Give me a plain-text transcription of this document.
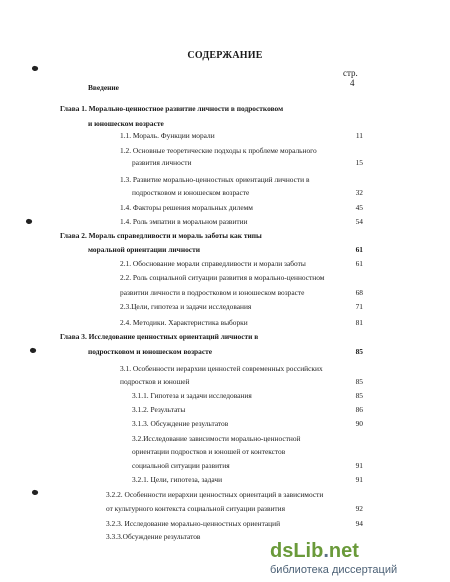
СОДЕРЖАНИЕ
стр.
4
Введение
Глава 1. Морально-ценностное развитие личности в подростковом
и юношеском возрасте
1.1. Мораль. Функции морали	11
1.2. Основные теоретические подходы к проблеме морального
развития личности	15
1.3. Развитие морально-ценностных ориентаций личности в
подростковом и юношеском возрасте	32
1.4. Факторы решения моральных дилемм	45
1.4. Роль эмпатии в моральном развитии	54
Глава 2. Мораль справедливости и мораль заботы как типы
моральной ориентации личности	61
2.1. Обоснование морали справедливости и морали заботы	61
2.2. Роль социальной ситуации развития в морально-ценностном
развитии личности в подростковом и юношеском возрасте	68
2.3.Цели, гипотеза и задачи исследования	71
2.4. Методики. Характеристика выборки	81
Глава 3. Исследование ценностных ориентаций личности в
подростковом и юношеском возрасте	85
3.1. Особенности иерархии ценностей современных российских
подростков и юношей	85
3.1.1. Гипотеза и задачи исследования	85
3.1.2. Результаты	86
3.1.3. Обсуждение результатов	90
3.2.Исследование зависимости морально-ценностной
ориентации подростков и юношей от контекстов
социальной ситуации развития	91
3.2.1. Цели, гипотеза, задачи	91
3.2.2. Особенности иерархии ценностных ориентаций в зависимости
от культурного контекста социальной ситуации развития	92
3.2.3. Исследование морально-ценностных ориентаций	94
3.3.3.Обсуждение результатов
dsLib.net
библиотека диссертаций
